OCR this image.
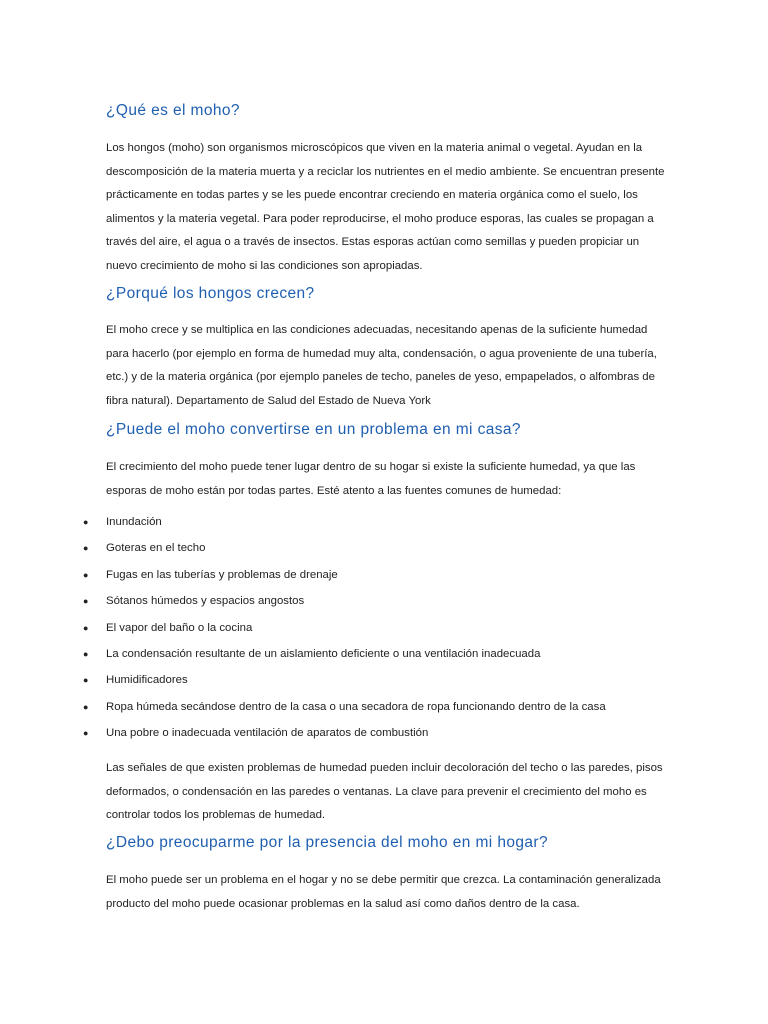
¿Qué es el moho?

Los hongos (moho) son organismos microscópicos que viven en la materia animal o vegetal. Ayudan en la descomposición de la materia muerta y a reciclar los nutrientes en el medio ambiente. Se encuentran presente prácticamente en todas partes y se les puede encontrar creciendo en materia orgánica como el suelo, los alimentos y la materia vegetal. Para poder reproducirse, el moho produce esporas, las cuales se propagan a través del aire, el agua o a través de insectos. Estas esporas actúan como semillas y pueden propiciar un nuevo crecimiento de moho si las condiciones son apropiadas.

¿Porqué los hongos crecen?

El moho crece y se multiplica en las condiciones adecuadas, necesitando apenas de la suficiente humedad para hacerlo (por ejemplo en forma de humedad muy alta, condensación, o agua proveniente de una tubería, etc.) y de la materia orgánica (por ejemplo paneles de techo, paneles de yeso, empapelados, o alfombras de fibra natural). Departamento de Salud del Estado de Nueva York

¿Puede el moho convertirse en un problema en mi casa?

El crecimiento del moho puede tener lugar dentro de su hogar si existe la suficiente humedad, ya que las esporas de moho están por todas partes. Esté atento a las fuentes comunes de humedad:

● Inundación
● Goteras en el techo
● Fugas en las tuberías y problemas de drenaje
● Sótanos húmedos y espacios angostos
● El vapor del baño o la cocina
● La condensación resultante de un aislamiento deficiente o una ventilación inadecuada
● Humidificadores
● Ropa húmeda secándose dentro de la casa o una secadora de ropa funcionando dentro de la casa
● Una pobre o inadecuada ventilación de aparatos de combustión

Las señales de que existen problemas de humedad pueden incluir decoloración del techo o las paredes, pisos deformados, o condensación en las paredes o ventanas. La clave para prevenir el crecimiento del moho es controlar todos los problemas de humedad.

¿Debo preocuparme por la presencia del moho en mi hogar?

El moho puede ser un problema en el hogar y no se debe permitir que crezca. La contaminación generalizada producto del moho puede ocasionar problemas en la salud así como daños dentro de la casa.
